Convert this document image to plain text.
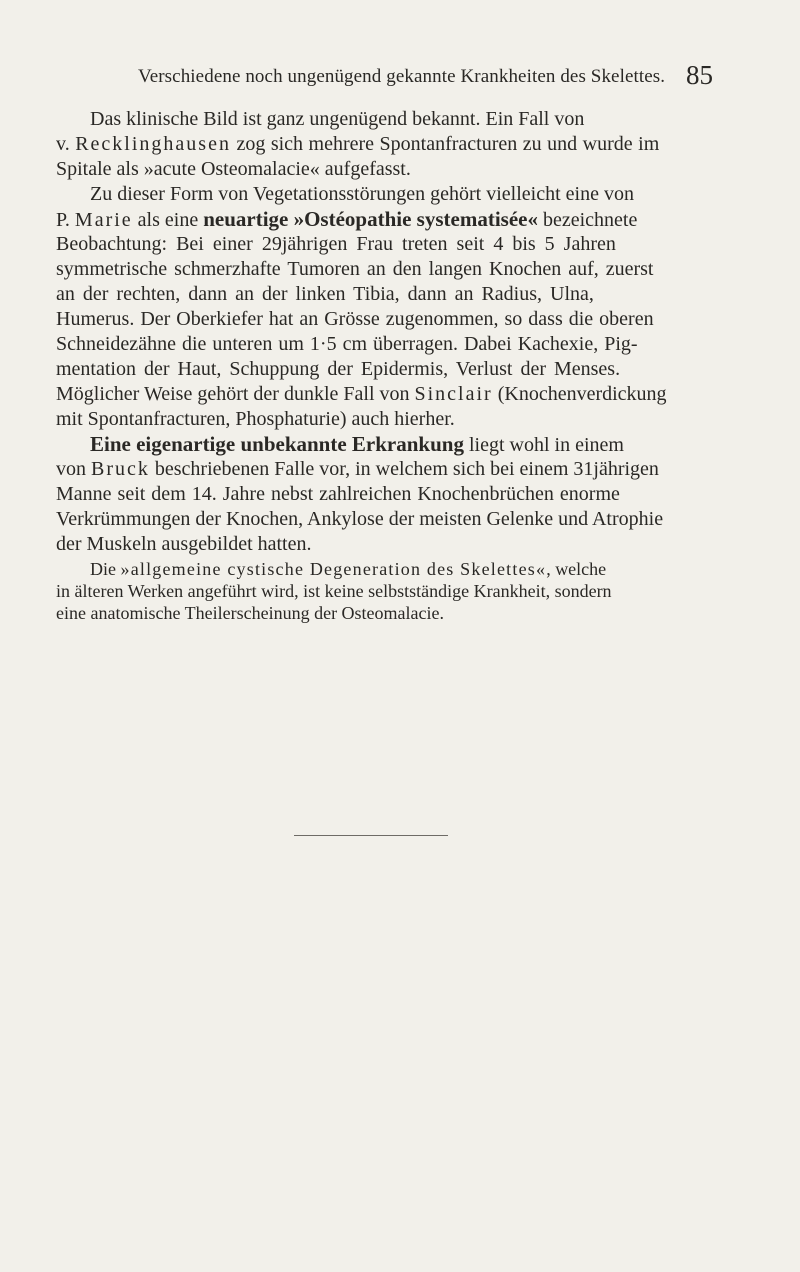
Verschiedene noch ungenügend gekannte Krankheiten des Skelettes. 85
Das klinische Bild ist ganz ungenügend bekannt. Ein Fall von
v. Recklinghausen zog sich mehrere Spontanfracturen zu und wurde im
Spitale als »acute Osteomalacie« aufgefasst.
Zu dieser Form von Vegetationsstörungen gehört vielleicht eine von
P. Marie als eine neuartige »Ostéopathie systematisée« bezeichnete
Beobachtung: Bei einer 29jährigen Frau treten seit 4 bis 5 Jahren
symmetrische schmerzhafte Tumoren an den langen Knochen auf, zuerst
an der rechten, dann an der linken Tibia, dann an Radius, Ulna,
Humerus. Der Oberkiefer hat an Grösse zugenommen, so dass die oberen
Schneidezähne die unteren um 1·5 cm überragen. Dabei Kachexie, Pig-
mentation der Haut, Schuppung der Epidermis, Verlust der Menses.
Möglicher Weise gehört der dunkle Fall von Sinclair (Knochenverdickung
mit Spontanfracturen, Phosphaturie) auch hierher.
Eine eigenartige unbekannte Erkrankung liegt wohl in einem
von Bruck beschriebenen Falle vor, in welchem sich bei einem 31jährigen
Manne seit dem 14. Jahre nebst zahlreichen Knochenbrüchen enorme
Verkrümmungen der Knochen, Ankylose der meisten Gelenke und Atrophie
der Muskeln ausgebildet hatten.
Die »allgemeine cystische Degeneration des Skelettes«, welche
in älteren Werken angeführt wird, ist keine selbstständige Krankheit, sondern
eine anatomische Theilerscheinung der Osteomalacie.
